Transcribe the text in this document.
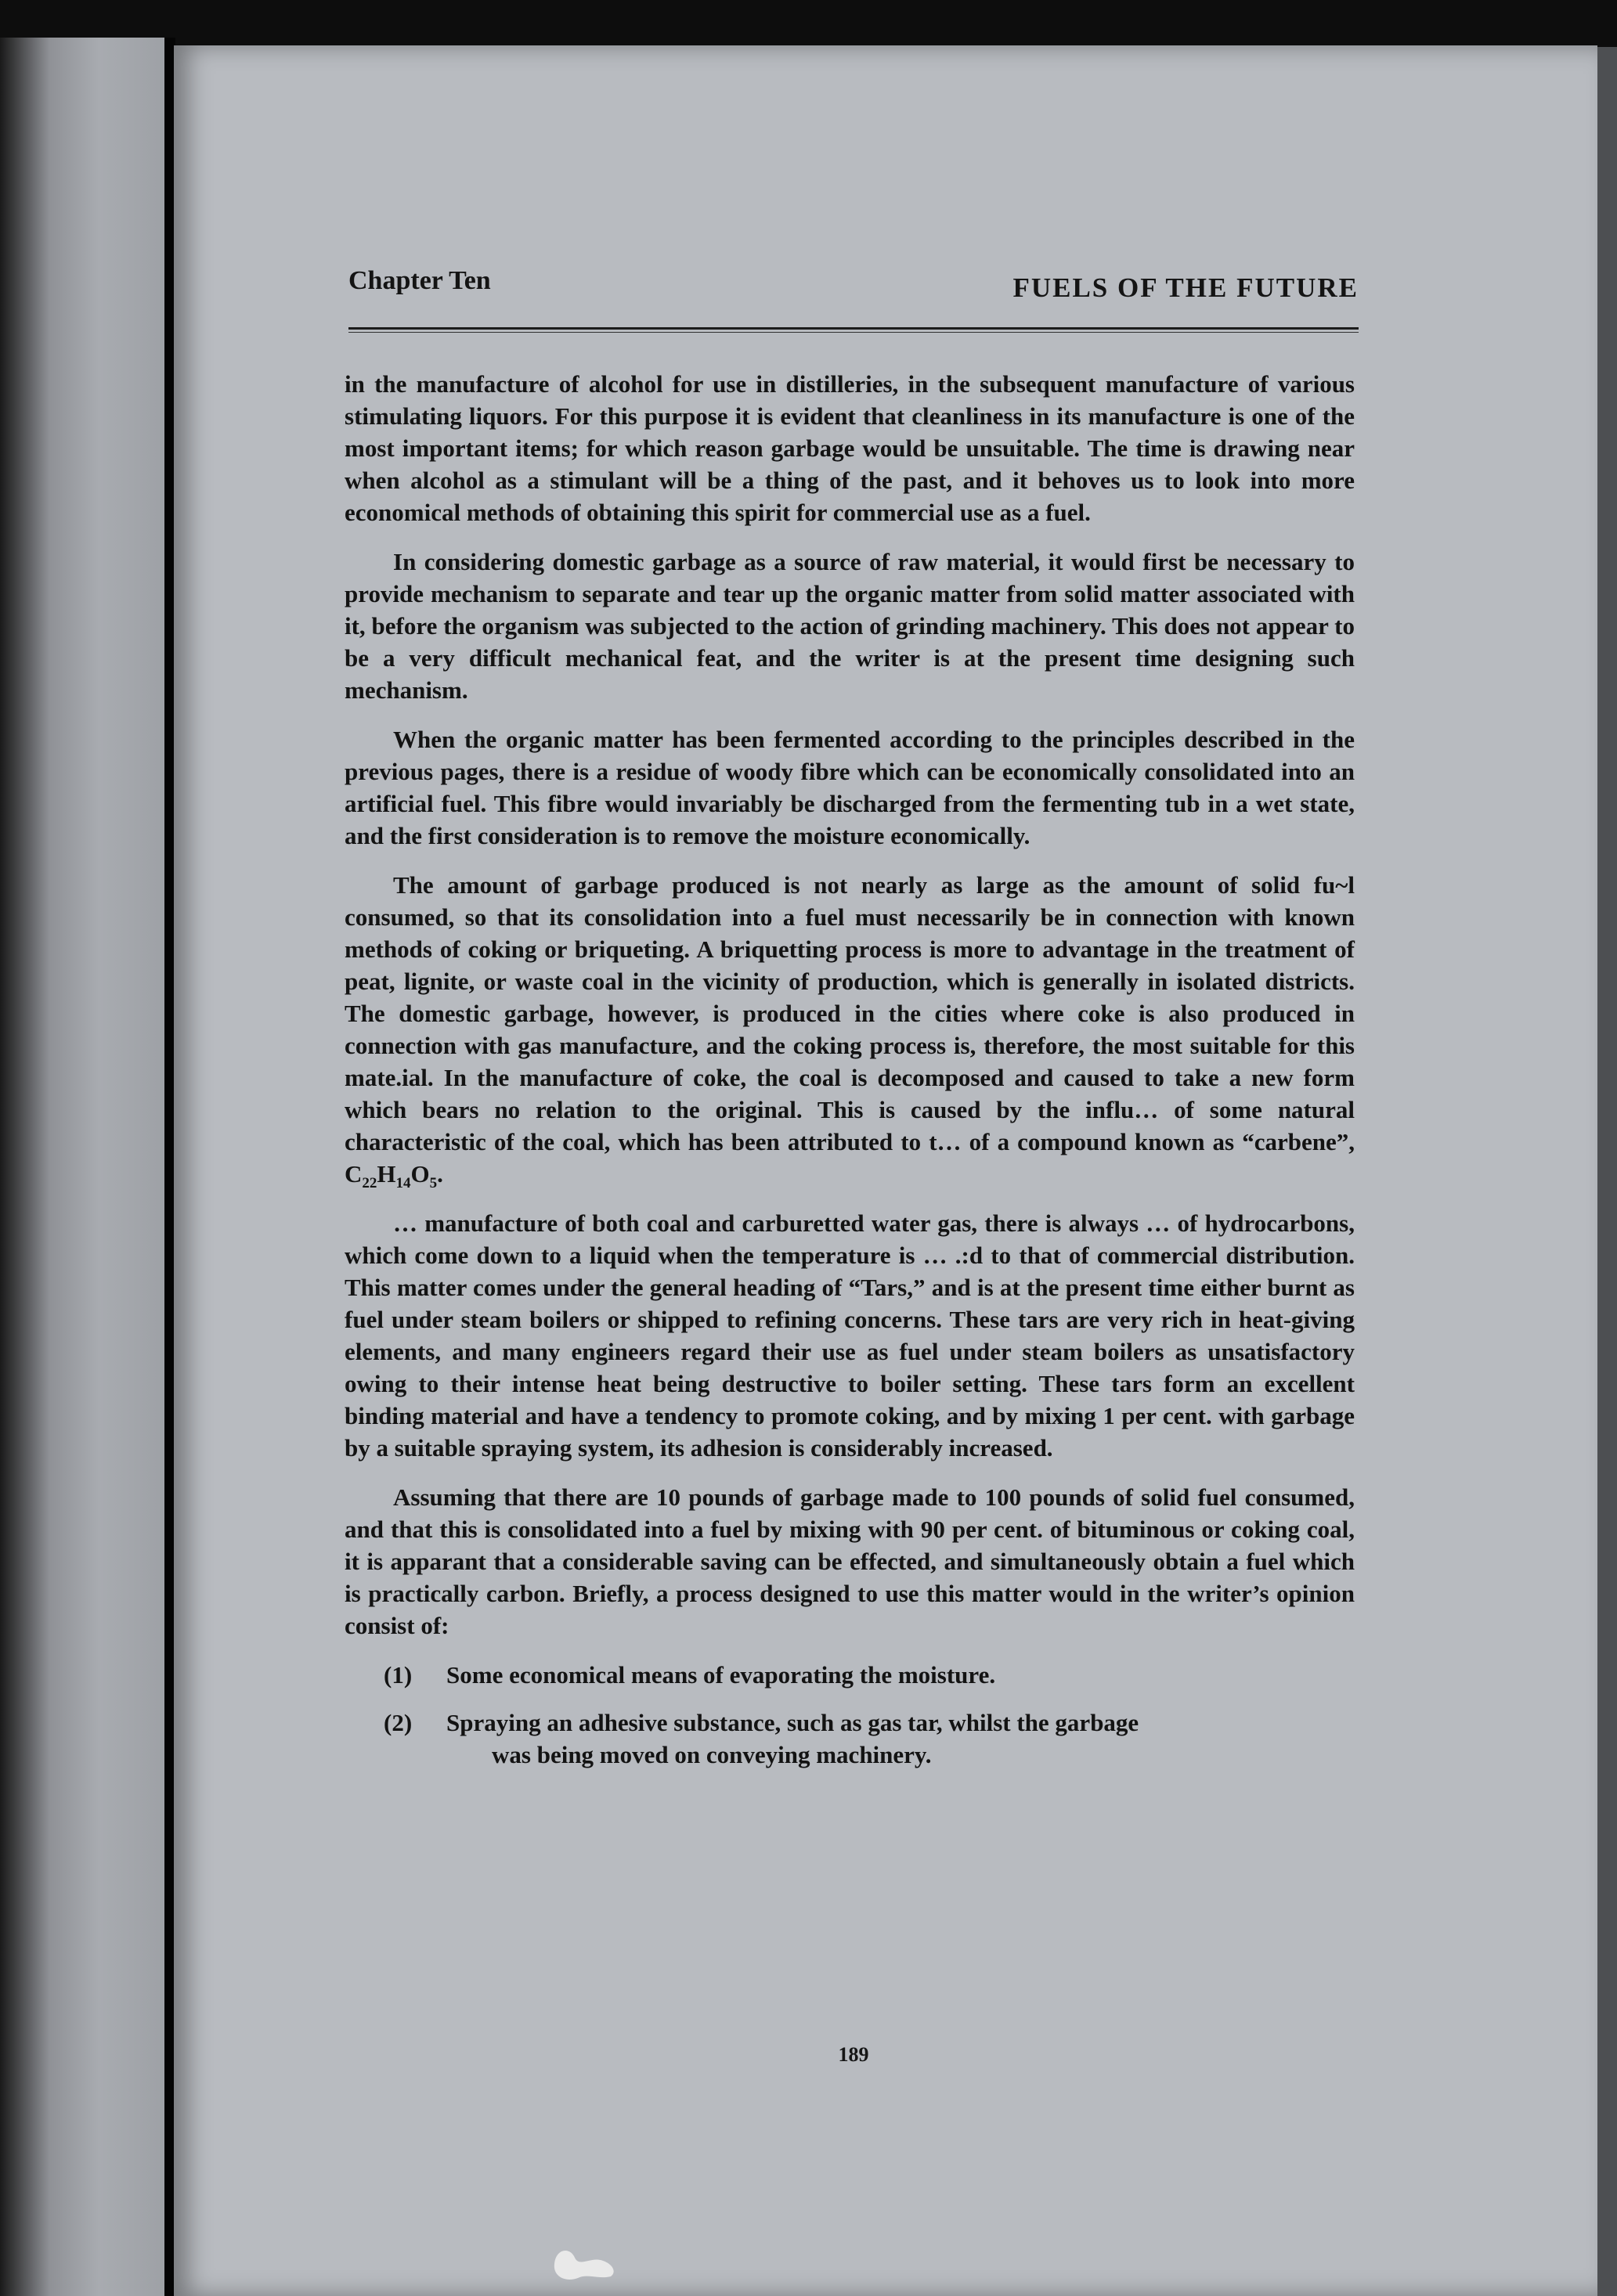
Chapter Ten	FUELS OF THE FUTURE

in the manufacture of alcohol for use in distilleries, in the subsequent manufacture of various stimulating liquors. For this purpose it is evident that cleanliness in its manufacture is one of the most important items; for which reason garbage would be unsuitable. The time is drawing near when alcohol as a stimulant will be a thing of the past, and it behoves us to look into more economical methods of obtaining this spirit for commercial use as a fuel.

In considering domestic garbage as a source of raw material, it would first be necessary to provide mechanism to separate and tear up the organic matter from solid matter associated with it, before the organism was subjected to the action of grinding machinery. This does not appear to be a very difficult mechanical feat, and the writer is at the present time designing such mechanism.

When the organic matter has been fermented according to the principles described in the previous pages, there is a residue of woody fibre which can be economically consolidated into an artificial fuel. This fibre would invariably be discharged from the fermenting tub in a wet state, and the first consideration is to remove the moisture economically.

The amount of garbage produced is not nearly as large as the amount of solid fu~l consumed, so that its consolidation into a fuel must necessarily be in connection with known methods of coking or briqueting. A briquetting process is more to advantage in the treatment of peat, lignite, or waste coal in the vicinity of production, which is generally in isolated districts. The domestic garbage, however, is produced in the cities where coke is also produced in connection with gas manufacture, and the coking process is, therefore, the most suitable for this mate.ial. In the manufacture of coke, the coal is decomposed and caused to take a new form which bears no relation to the original. This is caused by the influ… of some natural characteristic of the coal, which has been attributed to t… of a compound known as “carbene”, $C_{22}H_{14}O_5$.

… manufacture of both coal and carburetted water gas, there is always … of hydrocarbons, which come down to a liquid when the temperature is … .:d to that of commercial distribution. This matter comes under the general heading of “Tars,” and is at the present time either burnt as fuel under steam boilers or shipped to refining concerns. These tars are very rich in heat-giving elements, and many engineers regard their use as fuel under steam boilers as unsatisfactory owing to their intense heat being destructive to boiler setting. These tars form an excellent binding material and have a tendency to promote coking, and by mixing 1 per cent. with garbage by a suitable spraying system, its adhesion is considerably increased.

Assuming that there are 10 pounds of garbage made to 100 pounds of solid fuel consumed, and that this is consolidated into a fuel by mixing with 90 per cent. of bituminous or coking coal, it is apparant that a considerable saving can be effected, and simultaneously obtain a fuel which is practically carbon. Briefly, a process designed to use this matter would in the writer’s opinion consist of:

(1)	Some economical means of evaporating the moisture.
(2)	Spraying an adhesive substance, such as gas tar, whilst the garbage
was being moved on conveying machinery.
189
